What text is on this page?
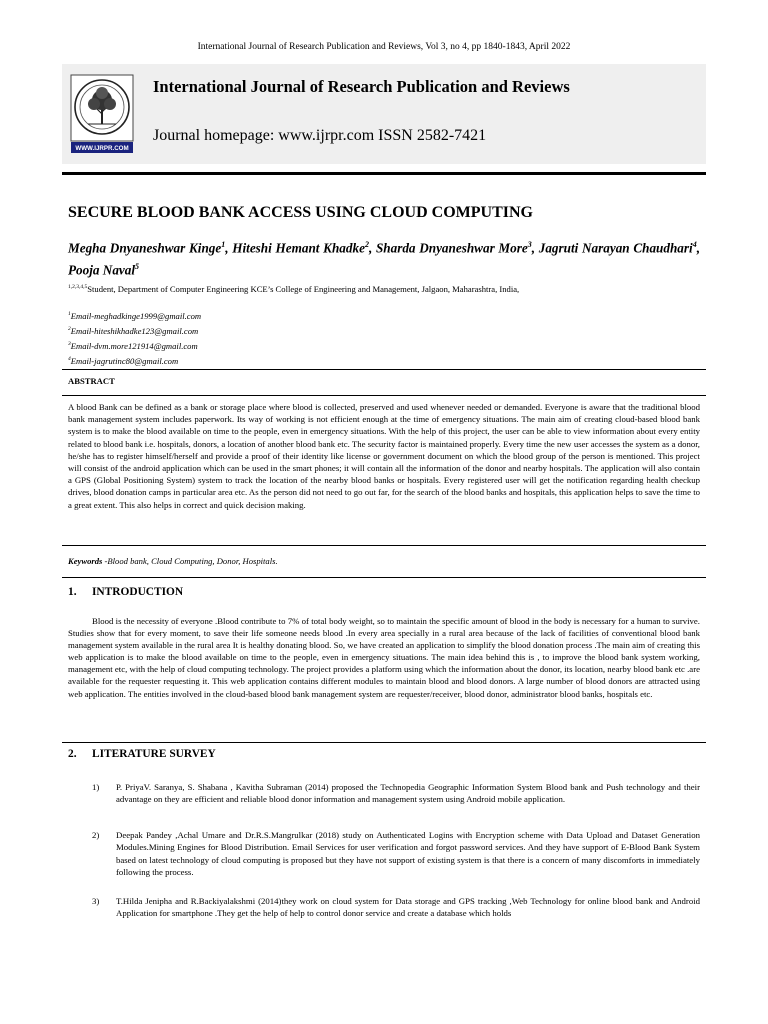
International Journal of Research Publication and Reviews, Vol 3, no 4, pp 1840-1843, April 2022
WWW.IJRPR.COM
International Journal of Research Publication and Reviews
Journal homepage: www.ijrpr.com ISSN 2582-7421
SECURE BLOOD BANK ACCESS USING CLOUD COMPUTING
Megha Dnyaneshwar Kinge$^1$, Hiteshi Hemant Khadke$^2$, Sharda Dnyaneshwar More$^3$, Jagruti Narayan Chaudhari$^4$, Pooja Naval$^5$
$^{1,2,3,4,5}$Student, Department of Computer Engineering KCE’s College of Engineering and Management, Jalgaon, Maharashtra, India,
$^1$Email-meghadkinge1999@gmail.com
$^2$Email-hiteshikhadke123@gmail.com
$^3$Email-dvm.more121914@gmail.com
$^4$Email-jagrutinc80@gmail.com
ABSTRACT
A blood Bank can be defined as a bank or storage place where blood is collected, preserved and used whenever needed or demanded. Everyone is aware that the traditional blood bank management system includes paperwork. Its way of working is not efficient enough at the time of emergency situations. The main aim of creating cloud-based blood bank system is to make the blood available on time to the people, even in emergency situations. With the help of this project, the user can be able to view information about every entity related to blood bank i.e. hospitals, donors, a location of another blood bank etc. The security factor is maintained properly. Every time the new user accesses the system as a donor, he/she has to register himself/herself and provide a proof of their identity like license or government document on which the blood group of the person is mentioned. This project will consist of the android application which can be used in the smart phones; it will contain all the information of the donor and nearby hospitals. The application will also contain a GPS (Global Positioning System) system to track the location of the nearby blood banks or hospitals. Every registered user will get the notification regarding health checkup drives, blood donation camps in particular area etc. As the person did not need to go out far, for the search of the blood banks and hospitals, this application helps to save the time to a great extent. This also helps in correct and quick decision making.
Keywords -Blood bank, Cloud Computing, Donor, Hospitals.
1. INTRODUCTION
Blood is the necessity of everyone .Blood contribute to 7% of total body weight, so to maintain the specific amount of blood in the body is necessary for a human to survive. Studies show that for every moment, to save their life someone needs blood .In every area specially in a rural area because of the lack of facilities of conventional blood bank management system available in the rural area It is healthy donating blood. So, we have created an application to simplify the blood donation process .The main aim of creating this web application is to make the blood available on time to the people, even in emergency situations. The main idea behind this is , to improve the blood bank system working, management etc, with the help of cloud computing technology. The project provides a platform using which the information about the donor, its location, nearby blood bank etc .are available for the requester requesting it. This web application contains different modules to maintain blood and blood donors. A large number of blood donors are attracted using web application. The entities involved in the cloud-based blood bank management system are requester/receiver, blood donor, administrator blood banks, hospitals etc.
2. LITERATURE SURVEY
1) P. PriyaV. Saranya, S. Shabana , Kavitha Subraman (2014) proposed the Technopedia Geographic Information System Blood bank and Push technology and their advantage on they are efficient and reliable blood donor information and management system using Android mobile application.
2) Deepak Pandey ,Achal Umare and Dr.R.S.Mangrulkar (2018) study on Authenticated Logins with Encryption scheme with Data Upload and Dataset Generation Modules.Mining Engines for Blood Distribution. Email Services for user verification and forgot password services. And they have support of E-Blood Bank System based on latest technology of cloud computing is proposed but they have not support of existing system is that there is a concern of many discomforts in immediately following the process.
3) T.Hilda Jenipha and R.Backiyalakshmi (2014)they work on cloud system for Data storage and GPS tracking ,Web Technology for online blood bank and Android Application for smartphone .They get the help of help to control donor service and create a database which holds
